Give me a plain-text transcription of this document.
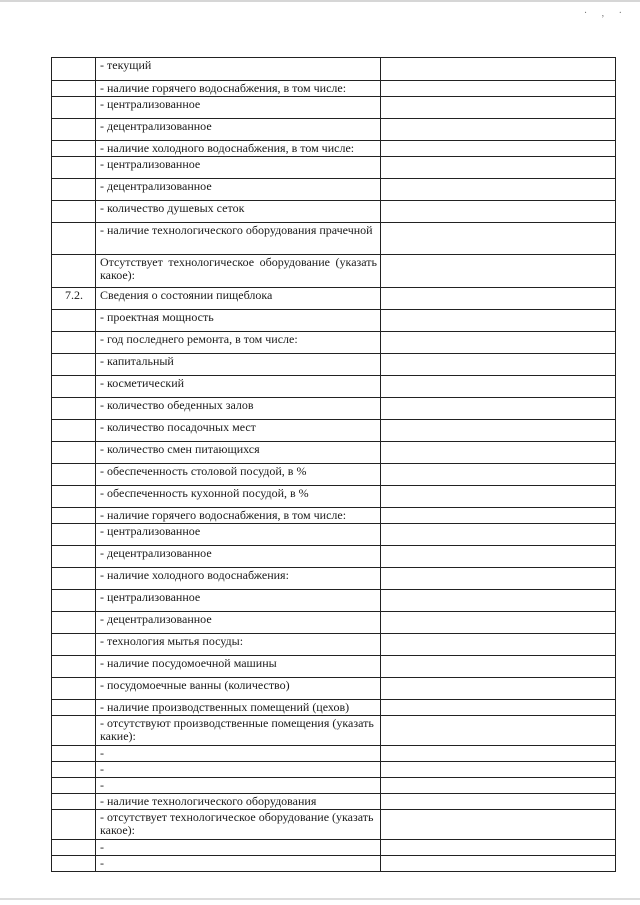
· , ·
	- текущий	
	- наличие горячего водоснабжения, в том числе:	
	- централизованное	
	- децентрализованное	
	- наличие холодного водоснабжения, в том числе:	
	- централизованное	
	- децентрализованное	
	- количество душевых сеток	
	- наличие технологического оборудования прачечной	
	Отсутствует технологическое оборудование (указать какое):	
7.2.	Сведения о состоянии пищеблока	
	- проектная мощность	
	- год последнего ремонта, в том числе:	
	- капитальный	
	- косметический	
	- количество обеденных залов	
	- количество посадочных мест	
	- количество смен питающихся	
	- обеспеченность столовой посудой, в %	
	- обеспеченность кухонной посудой, в %	
	- наличие горячего водоснабжения, в том числе:	
	- централизованное	
	- децентрализованное	
	- наличие холодного водоснабжения:	
	- централизованное	
	- децентрализованное	
	- технология мытья посуды:	
	- наличие посудомоечной машины	
	- посудомоечные ванны (количество)	
	- наличие производственных помещений (цехов)	
	- отсутствуют производственные помещения (указать какие):	
	-	
	-	
	-	
	- наличие технологического оборудования	
	- отсутствует технологическое оборудование (указать какое):	
	-	
	-	
